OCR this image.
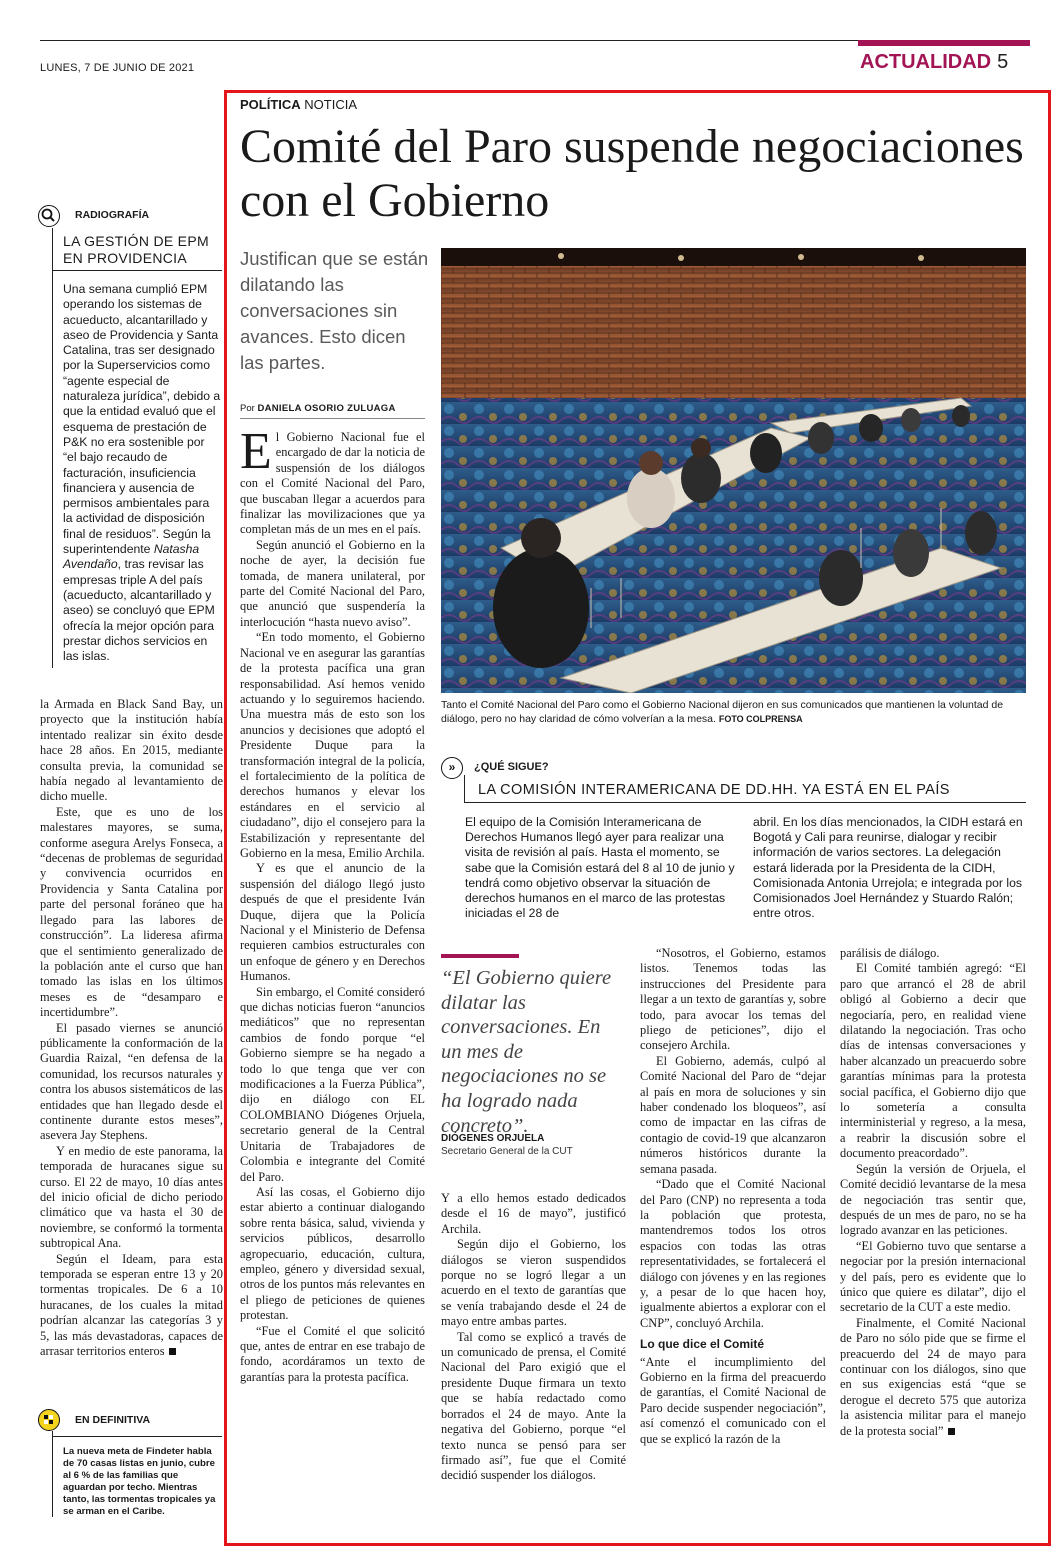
LUNES, 7 DE JUNIO DE 2021	ACTUALIDAD 5
POLÍTICA NOTICIA
Comité del Paro suspende negociaciones con el Gobierno
Justifican que se están dilatando las conversaciones sin avances. Esto dicen las partes.
Por DANIELA OSORIO ZULUAGA

El Gobierno Nacional fue el encargado de dar la noticia de suspensión de los diálogos con el Comité Nacional del Paro, que buscaban llegar a acuerdos para finalizar las movilizaciones que ya completan más de un mes en el país.

Según anunció el Gobierno en la noche de ayer, la decisión fue tomada, de manera unilateral, por parte del Comité Nacional del Paro, que anunció que suspendería la interlocución “hasta nuevo aviso”.

“En todo momento, el Gobierno Nacional ve en asegurar las garantías de la protesta pacífica una gran responsabilidad. Así hemos venido actuando y lo seguiremos haciendo. Una muestra más de esto son los anuncios y decisiones que adoptó el Presidente Duque para la transformación integral de la policía, el fortalecimiento de la política de derechos humanos y elevar los estándares en el servicio al ciudadano”, dijo el consejero para la Estabilización y representante del Gobierno en la mesa, Emilio Archila.

Y es que el anuncio de la suspensión del diálogo llegó justo después de que el presidente Iván Duque, dijera que la Policía Nacional y el Ministerio de Defensa requieren cambios estructurales con un enfoque de género y en Derechos Humanos.

Sin embargo, el Comité consideró que dichas noticias fueron “anuncios mediáticos” que no representan cambios de fondo porque “el Gobierno siempre se ha negado a todo lo que tenga que ver con modificaciones a la Fuerza Pública”, dijo en diálogo con EL COLOMBIANO Diógenes Orjuela, secretario general de la Central Unitaria de Trabajadores de Colombia e integrante del Comité del Paro.

Así las cosas, el Gobierno dijo estar abierto a continuar dialogando sobre renta básica, salud, vivienda y servicios públicos, desarrollo agropecuario, educación, cultura, empleo, género y diversidad sexual, otros de los puntos más relevantes en el pliego de peticiones de quienes protestan.

“Fue el Comité el que solicitó que, antes de entrar en ese trabajo de fondo, acordáramos un texto de garantías para la protesta pacífica.

Tanto el Comité Nacional del Paro como el Gobierno Nacional dijeron en sus comunicados que mantienen la voluntad de diálogo, pero no hay claridad de cómo volverían a la mesa. FOTO COLPRENSA
»	¿QUÉ SIGUE?
LA COMISIÓN INTERAMERICANA DE DD.HH. YA ESTÁ EN EL PAÍS
El equipo de la Comisión Interamericana de Derechos Humanos llegó ayer para realizar una visita de revisión al país. Hasta el momento, se sabe que la Comisión estará del 8 al 10 de junio y tendrá como objetivo observar la situación de derechos humanos en el marco de las protestas iniciadas el 28 de
abril. En los días mencionados, la CIDH estará en Bogotá y Cali para reunirse, dialogar y recibir información de varios sectores. La delegación estará liderada por la Presidenta de la CIDH, Comisionada Antonia Urrejola; e integrada por los Comisionados Joel Hernández y Stuardo Ralón; entre otros.
“El Gobierno quiere dilatar las conversaciones. En un mes de negociaciones no se ha logrado nada concreto”.
DIÓGENES ORJUELA
Secretario General de la CUT

Y a ello hemos estado dedicados desde el 16 de mayo”, justificó Archila.

Según dijo el Gobierno, los diálogos se vieron suspendidos porque no se logró llegar a un acuerdo en el texto de garantías que se venía trabajando desde el 24 de mayo entre ambas partes.

Tal como se explicó a través de un comunicado de prensa, el Comité Nacional del Paro exigió que el presidente Duque firmara un texto que se había redactado como borrados el 24 de mayo. Ante la negativa del Gobierno, porque “el texto nunca se pensó para ser firmado así”, fue que el Comité decidió suspender los diálogos.

“Nosotros, el Gobierno, estamos listos. Tenemos todas las instrucciones del Presidente para llegar a un texto de garantías y, sobre todo, para avocar los temas del pliego de peticiones”, dijo el consejero Archila.

El Gobierno, además, culpó al Comité Nacional del Paro de “dejar al país en mora de soluciones y sin haber condenado los bloqueos”, así como de impactar en las cifras de contagio de covid-19 que alcanzaron números históricos durante la semana pasada.

“Dado que el Comité Nacional del Paro (CNP) no representa a toda la población que protesta, mantendremos todos los otros espacios con todas las otras representatividades, se fortalecerá el diálogo con jóvenes y en las regiones y, a pesar de lo que hacen hoy, igualmente abiertos a explorar con el CNP”, concluyó Archila.

Lo que dice el Comité

“Ante el incumplimiento del Gobierno en la firma del preacuerdo de garantías, el Comité Nacional de Paro decide suspender negociación”, así comenzó el comunicado con el que se explicó la razón de la

parálisis de diálogo.

El Comité también agregó: “El paro que arrancó el 28 de abril obligó al Gobierno a decir que negociaría, pero, en realidad viene dilatando la negociación. Tras ocho días de intensas conversaciones y haber alcanzado un preacuerdo sobre garantías mínimas para la protesta social pacífica, el Gobierno dijo que lo sometería a consulta interministerial y regreso, a la mesa, a reabrir la discusión sobre el documento preacordado”.

Según la versión de Orjuela, el Comité decidió levantarse de la mesa de negociación tras sentir que, después de un mes de paro, no se ha logrado avanzar en las peticiones.

“El Gobierno tuvo que sentarse a negociar por la presión internacional y del país, pero es evidente que lo único que quiere es dilatar”, dijo el secretario de la CUT a este medio.

Finalmente, el Comité Nacional de Paro no sólo pide que se firme el preacuerdo del 24 de mayo para continuar con los diálogos, sino que en sus exigencias está “que se derogue el decreto 575 que autoriza la asistencia militar para el manejo de la protesta social”

RADIOGRAFÍA
LA GESTIÓN DE EPM EN PROVIDENCIA
Una semana cumplió EPM operando los sistemas de acueducto, alcantarillado y aseo de Providencia y Santa Catalina, tras ser designado por la Superservicios como “agente especial de naturaleza jurídica”, debido a que la entidad evaluó que el esquema de prestación de P&K no era sostenible por “el bajo recaudo de facturación, insuficiencia financiera y ausencia de permisos ambientales para la actividad de disposición final de residuos”. Según la superintendente Natasha Avendaño, tras revisar las empresas triple A del país (acueducto, alcantarillado y aseo) se concluyó que EPM ofrecía la mejor opción para prestar dichos servicios en las islas.

la Armada en Black Sand Bay, un proyecto que la institución había intentado realizar sin éxito desde hace 28 años. En 2015, mediante consulta previa, la comunidad se había negado al levantamiento de dicho muelle.

Este, que es uno de los malestares mayores, se suma, conforme asegura Arelys Fonseca, a “decenas de problemas de seguridad y convivencia ocurridos en Providencia y Santa Catalina por parte del personal foráneo que ha llegado para las labores de construcción”. La lideresa afirma que el sentimiento generalizado de la población ante el curso que han tomado las islas en los últimos meses es de “desamparo e incertidumbre”.

El pasado viernes se anunció públicamente la conformación de la Guardia Raizal, “en defensa de la comunidad, los recursos naturales y contra los abusos sistemáticos de las entidades que han llegado desde el continente durante estos meses”, asevera Jay Stephens.

Y en medio de este panorama, la temporada de huracanes sigue su curso. El 22 de mayo, 10 días antes del inicio oficial de dicho periodo climático que va hasta el 30 de noviembre, se conformó la tormenta subtropical Ana.

Según el Ideam, para esta temporada se esperan entre 13 y 20 tormentas tropicales. De 6 a 10 huracanes, de los cuales la mitad podrían alcanzar las categorías 3 y 5, las más devastadoras, capaces de arrasar territorios enteros

EN DEFINITIVA
La nueva meta de Findeter habla de 70 casas listas en junio, cubre al 6 % de las familias que aguardan por techo. Mientras tanto, las tormentas tropicales ya se arman en el Caribe.
